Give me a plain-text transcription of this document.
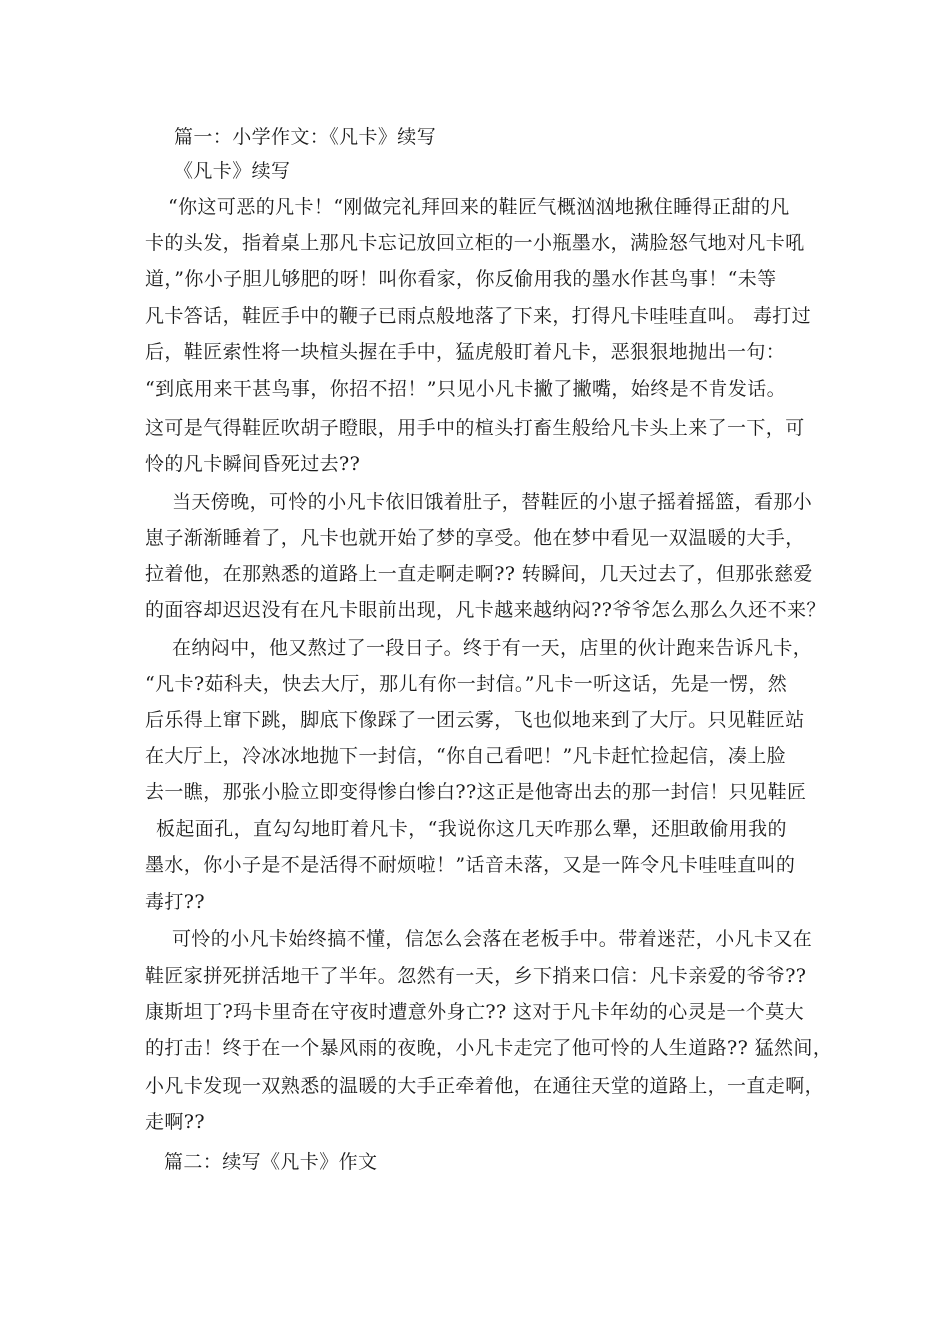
篇一：小学作文：《凡卡》续写
《凡卡》续写
“你这可恶的凡卡！“刚做完礼拜回来的鞋匠气概汹汹地揪住睡得正甜的凡
卡的头发，指着桌上那凡卡忘记放回立柜的一小瓶墨水，满脸怒气地对凡卡吼
道，”你小子胆儿够肥的呀！叫你看家，你反偷用我的墨水作甚鸟事！“未等
凡卡答话，鞋匠手中的鞭子已雨点般地落了下来，打得凡卡哇哇直叫。 毒打过
后，鞋匠索性将一块楦头握在手中，猛虎般盯着凡卡，恶狠狠地抛出一句：
“到底用来干甚鸟事，你招不招！”只见小凡卡撇了撇嘴，始终是不肯发话。
这可是气得鞋匠吹胡子瞪眼，用手中的楦头打畜生般给凡卡头上来了一下，可
怜的凡卡瞬间昏死过去??
当天傍晚，可怜的小凡卡依旧饿着肚子，替鞋匠的小崽子摇着摇篮，看那小
崽子渐渐睡着了，凡卡也就开始了梦的享受。他在梦中看见一双温暖的大手，
拉着他，在那熟悉的道路上一直走啊走啊?? 转瞬间，几天过去了，但那张慈爱
的面容却迟迟没有在凡卡眼前出现，凡卡越来越纳闷??爷爷怎么那么久还不来？
在纳闷中，他又熬过了一段日子。终于有一天，店里的伙计跑来告诉凡卡，
“凡卡?茹科夫，快去大厅，那儿有你一封信。”凡卡一听这话，先是一愣，然
后乐得上窜下跳，脚底下像踩了一团云雾，飞也似地来到了大厅。只见鞋匠站
在大厅上，冷冰冰地抛下一封信，“你自己看吧！”凡卡赶忙捡起信，凑上脸
去一瞧，那张小脸立即变得惨白惨白??这正是他寄出去的那一封信！只见鞋匠
板起面孔，直勾勾地盯着凡卡，“我说你这几天咋那么犟，还胆敢偷用我的
墨水，你小子是不是活得不耐烦啦！”话音未落，又是一阵令凡卡哇哇直叫的
毒打??
可怜的小凡卡始终搞不懂，信怎么会落在老板手中。带着迷茫，小凡卡又在
鞋匠家拼死拼活地干了半年。忽然有一天，乡下捎来口信：凡卡亲爱的爷爷??
康斯坦丁?玛卡里奇在守夜时遭意外身亡?? 这对于凡卡年幼的心灵是一个莫大
的打击！终于在一个暴风雨的夜晚，小凡卡走完了他可怜的人生道路?? 猛然间，
小凡卡发现一双熟悉的温暖的大手正牵着他，在通往天堂的道路上，一直走啊，
走啊??
篇二：续写《凡卡》作文
